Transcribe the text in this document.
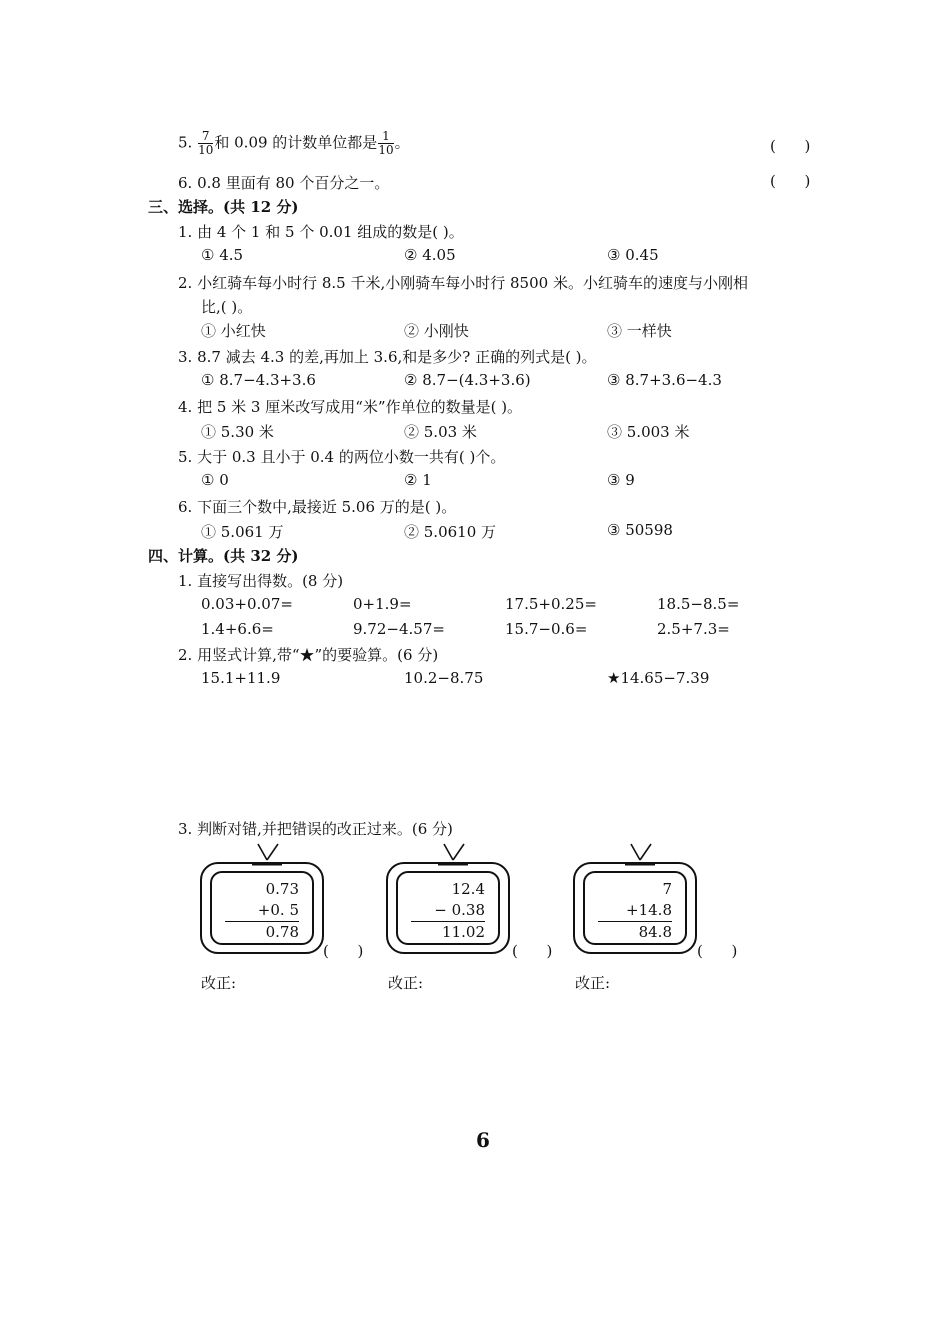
5. $\frac{7}{10}$ 和 0.09 的计数单位都是 $\frac{1}{10}$ 。	(      )
6. 0.8 里面有 80 个百分之一。	(      )
三、选择。(共 12 分)
1. 由 4 个 1 和 5 个 0.01 组成的数是( )。
① 4.5	② 4.05	③ 0.45
2. 小红骑车每小时行 8.5 千米,小刚骑车每小时行 8500 米。小红骑车的速度与小刚相
比,( )。
① 小红快	② 小刚快	③ 一样快
3. 8.7 减去 4.3 的差,再加上 3.6,和是多少? 正确的列式是( )。
① 8.7−4.3+3.6	② 8.7−(4.3+3.6)	③ 8.7+3.6−4.3
4. 把 5 米 3 厘米改写成用“米”作单位的数量是( )。
① 5.30 米	② 5.03 米	③ 5.003 米
5. 大于 0.3 且小于 0.4 的两位小数一共有( )个。
① 0	② 1	③ 9
6. 下面三个数中,最接近 5.06 万的是( )。
① 5.061 万	② 5.0610 万	③ 50598
四、计算。(共 32 分)
1. 直接写出得数。(8 分)
0.03+0.07=	0+1.9=	17.5+0.25=	18.5−8.5=
1.4+6.6=	9.72−4.57=	15.7−0.6=	2.5+7.3=
2. 用竖式计算,带“★”的要验算。(6 分)
15.1+11.9	10.2−8.75	★14.65−7.39
3. 判断对错,并把错误的改正过来。(6 分)
0.73
+0. 5
0.78
(      )
改正:
12.4
− 0.38
11.02
(      )
改正:
7
+14.8
84.8
(      )
改正:
6
